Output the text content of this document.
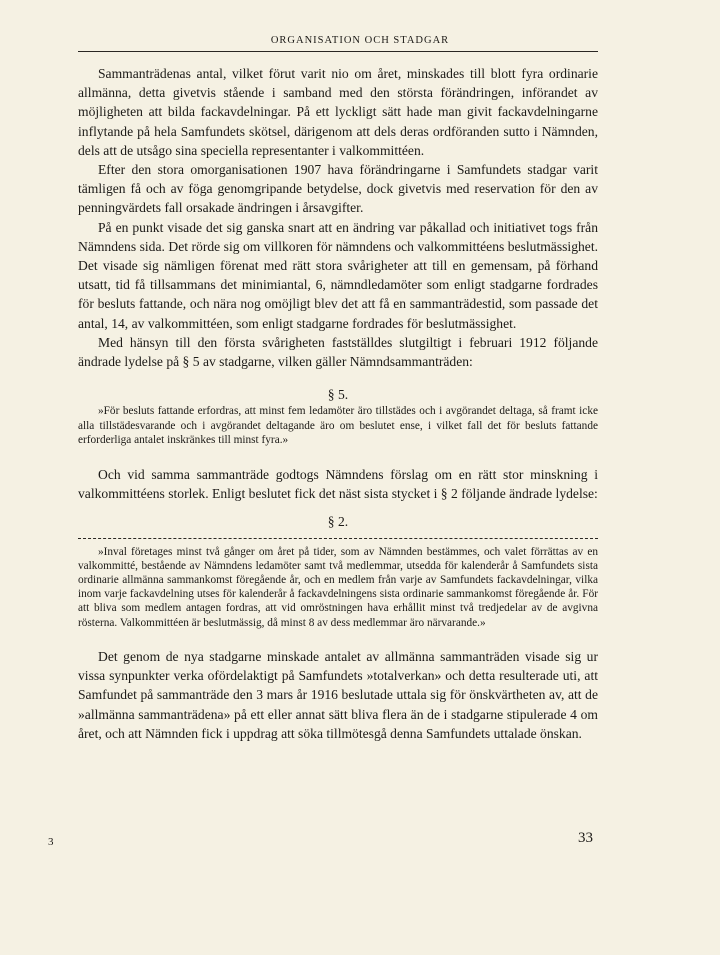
ORGANISATION OCH STADGAR

Sammanträdenas antal, vilket förut varit nio om året, minskades till blott fyra ordinarie allmänna, detta givetvis stående i samband med den största förändringen, införandet av möjligheten att bilda fackavdelningar. På ett lyckligt sätt hade man givit fackavdelningarne inflytande på hela Samfundets skötsel, därigenom att dels deras ordföranden sutto i Nämnden, dels att de utsågo sina speciella representanter i valkommittéen.

Efter den stora omorganisationen 1907 hava förändringarne i Samfundets stadgar varit tämligen få och av föga genomgripande betydelse, dock givetvis med reservation för den av penningvärdets fall orsakade ändringen i årsavgifter.

På en punkt visade det sig ganska snart att en ändring var påkallad och initiativet togs från Nämndens sida. Det rörde sig om villkoren för nämndens och valkommittéens beslutmässighet. Det visade sig nämligen förenat med rätt stora svårigheter att till en gemensam, på förhand utsatt, tid få tillsammans det minimiantal, 6, nämndledamöter som enligt stadgarne fordrades för besluts fattande, och nära nog omöjligt blev det att få en sammanträdestid, som passade det antal, 14, av valkommittéen, som enligt stadgarne fordrades för beslutmässighet.

Med hänsyn till den första svårigheten fastställdes slutgiltigt i februari 1912 följande ändrade lydelse på § 5 av stadgarne, vilken gäller Nämndsammanträden:

§ 5.

»För besluts fattande erfordras, att minst fem ledamöter äro tillstädes och i avgörandet deltaga, så framt icke alla tillstädesvarande och i avgörandet deltagande äro om beslutet ense, i vilket fall det för besluts fattande erforderliga antalet inskränkes till minst fyra.»

Och vid samma sammanträde godtogs Nämndens förslag om en rätt stor minskning i valkommittéens storlek. Enligt beslutet fick det näst sista stycket i § 2 följande ändrade lydelse:

§ 2.

»Inval företages minst två gånger om året på tider, som av Nämnden bestämmes, och valet förrättas av en valkommitté, bestående av Nämndens ledamöter samt två medlemmar, utsedda för kalenderår å Samfundets sista ordinarie allmänna sammankomst föregående år, och en medlem från varje av Samfundets fackavdelningar, vilka inom varje fackavdelning utses för kalenderår å fackavdelningens sista ordinarie sammankomst föregående år. För att bliva som medlem antagen fordras, att vid omröstningen hava erhållit minst två tredjedelar av de avgivna rösterna. Valkommittéen är beslutmässig, då minst 8 av dess medlemmar äro närvarande.»

Det genom de nya stadgarne minskade antalet av allmänna sammanträden visade sig ur vissa synpunkter verka ofördelaktigt på Samfundets »totalverkan» och detta resulterade uti, att Samfundet på sammanträde den 3 mars år 1916 beslutade uttala sig för önskvärtheten av, att de »allmänna sammanträdena» på ett eller annat sätt bliva flera än de i stadgarne stipulerade 4 om året, och att Nämnden fick i uppdrag att söka tillmötesgå denna Samfundets uttalade önskan.

3	33
